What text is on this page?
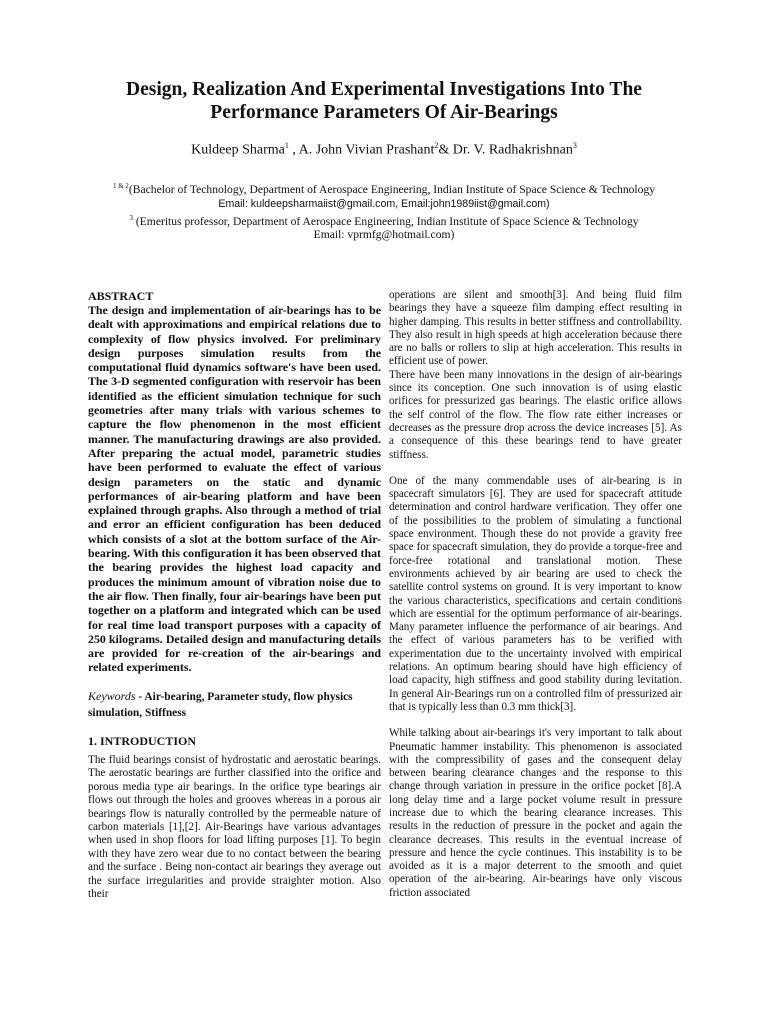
Design, Realization And Experimental Investigations Into The
Performance Parameters Of Air-Bearings
Kuldeep Sharma$^1$ , A. John Vivian Prashant$^2$& Dr. V. Radhakrishnan$^3$
$^{1 \& 2}$(Bachelor of Technology, Department of Aerospace Engineering, Indian Institute of Space Science & Technology
Email: kuldeepsharmaiist@gmail.com, Email:john1989iist@gmail.com)
$^3$ (Emeritus professor, Department of Aerospace Engineering, Indian Institute of Space Science & Technology
Email: vprmfg@hotmail.com)

ABSTRACT

The design and implementation of air-bearings has to be dealt with approximations and empirical relations due to complexity of flow physics involved. For preliminary design purposes simulation results from the computational fluid dynamics software's have been used. The 3-D segmented configuration with reservoir has been identified as the efficient simulation technique for such geometries after many trials with various schemes to capture the flow phenomenon in the most efficient manner. The manufacturing drawings are also provided. After preparing the actual model, parametric studies have been performed to evaluate the effect of various design parameters on the static and dynamic performances of air-bearing platform and have been explained through graphs. Also through a method of trial and error an efficient configuration has been deduced which consists of a slot at the bottom surface of the Air-bearing. With this configuration it has been observed that the bearing provides the highest load capacity and produces the minimum amount of vibration noise due to the air flow. Then finally, four air-bearings have been put together on a platform and integrated which can be used for real time load transport purposes with a capacity of 250 kilograms. Detailed design and manufacturing details are provided for re-creation of the air-bearings and related experiments.

Keywords - Air-bearing, Parameter study, flow physics simulation, Stiffness

1. INTRODUCTION

The fluid bearings consist of hydrostatic and aerostatic bearings. The aerostatic bearings are further classified into the orifice and porous media type air bearings. In the orifice type bearings air flows out through the holes and grooves whereas in a porous air bearings flow is naturally controlled by the permeable nature of carbon materials [1],[2]. Air-Bearings have various advantages when used in shop floors for load lifting purposes [1]. To begin with they have zero wear due to no contact between the bearing and the surface . Being non-contact air bearings they average out the surface irregularities and provide straighter motion. Also their

operations are silent and smooth[3]. And being fluid film bearings they have a squeeze film damping effect resulting in higher damping. This results in better stiffness and controllability. They also result in high speeds at high acceleration because there are no balls or rollers to slip at high acceleration. This results in efficient use of power.

There have been many innovations in the design of air-bearings since its conception. One such innovation is of using elastic orifices for pressurized gas bearings. The elastic orifice allows the self control of the flow. The flow rate either increases or decreases as the pressure drop across the device increases [5]. As a consequence of this these bearings tend to have greater stiffness.

One of the many commendable uses of air-bearing is in spacecraft simulators [6]. They are used for spacecraft attitude determination and control hardware verification. They offer one of the possibilities to the problem of simulating a functional space environment. Though these do not provide a gravity free space for spacecraft simulation, they do provide a torque-free and force-free rotational and translational motion. These environments achieved by air bearing are used to check the satellite control systems on ground. It is very important to know the various characteristics, specifications and certain conditions which are essential for the optimum performance of air-bearings. Many parameter influence the performance of air bearings. And the effect of various parameters has to be verified with experimentation due to the uncertainty involved with empirical relations. An optimum bearing should have high efficiency of load capacity, high stiffness and good stability during levitation. In general Air-Bearings run on a controlled film of pressurized air that is typically less than 0.3 mm thick[3].

While talking about air-bearings it's very important to talk about Pneumatic hammer instability. This phenomenon is associated with the compressibility of gases and the consequent delay between bearing clearance changes and the response to this change through variation in pressure in the orifice pocket [8].A long delay time and a large pocket volume result in pressure increase due to which the bearing clearance increases. This results in the reduction of pressure in the pocket and again the clearance decreases. This results in the eventual increase of pressure and hence the cycle continues. This instability is to be avoided as it is a major deterrent to the smooth and quiet operation of the air-bearing. Air-bearings have only viscous friction associated
